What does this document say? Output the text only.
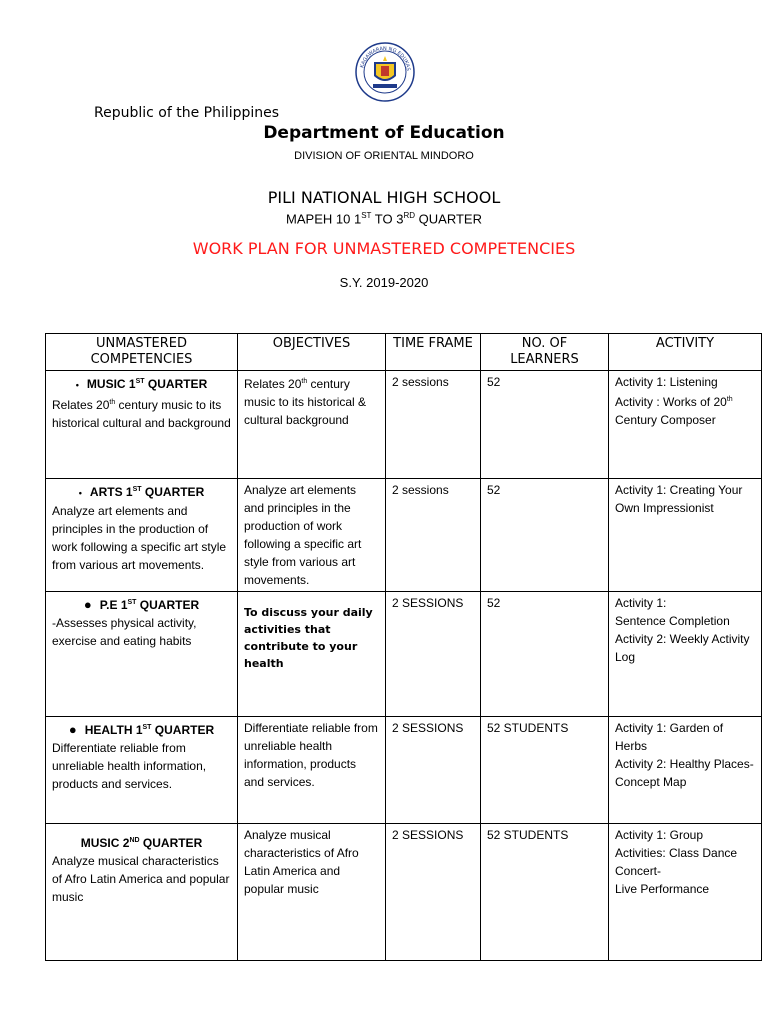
KAGAWARAN NG EDUKAS
Republic of the Philippines
Department of Education
DIVISION OF ORIENTAL MINDORO
PILI NATIONAL HIGH SCHOOL
MAPEH 10 1ST TO 3RD QUARTER
WORK PLAN FOR UNMASTERED COMPETENCIES
S.Y. 2019-2020
UNMASTERED COMPETENCIES	OBJECTIVES	TIME FRAME	NO. OF LEARNERS	ACTIVITY

• MUSIC 1ST QUARTER
Relates 20th century music to its historical cultural and background	Relates 20th century music to its historical & cultural background	2 sessions	52	Activity 1: Listening Activity : Works of 20th Century Composer

• ARTS 1ST QUARTER
Analyze art elements and principles in the production of work following a specific art style from various art movements.	Analyze art elements and principles in the production of work following a specific art style from various art movements.	2 sessions	52	Activity 1: Creating Your Own Impressionist

● P.E 1ST QUARTER
-Assesses physical activity, exercise and eating habits	To discuss your daily activities that contribute to your health	2 SESSIONS	52	Activity 1:
Sentence Completion
Activity 2: Weekly Activity Log

● HEALTH 1ST QUARTER
Differentiate reliable from unreliable health information, products and services.	Differentiate reliable from unreliable health information, products and services.	2 SESSIONS	52 STUDENTS	Activity 1: Garden of Herbs
Activity 2: Healthy Places- Concept Map

MUSIC 2ND QUARTER
Analyze musical characteristics of Afro Latin America and popular music	Analyze musical characteristics of Afro Latin America and popular music	2 SESSIONS	52 STUDENTS	Activity 1: Group Activities: Class Dance Concert-
Live Performance
